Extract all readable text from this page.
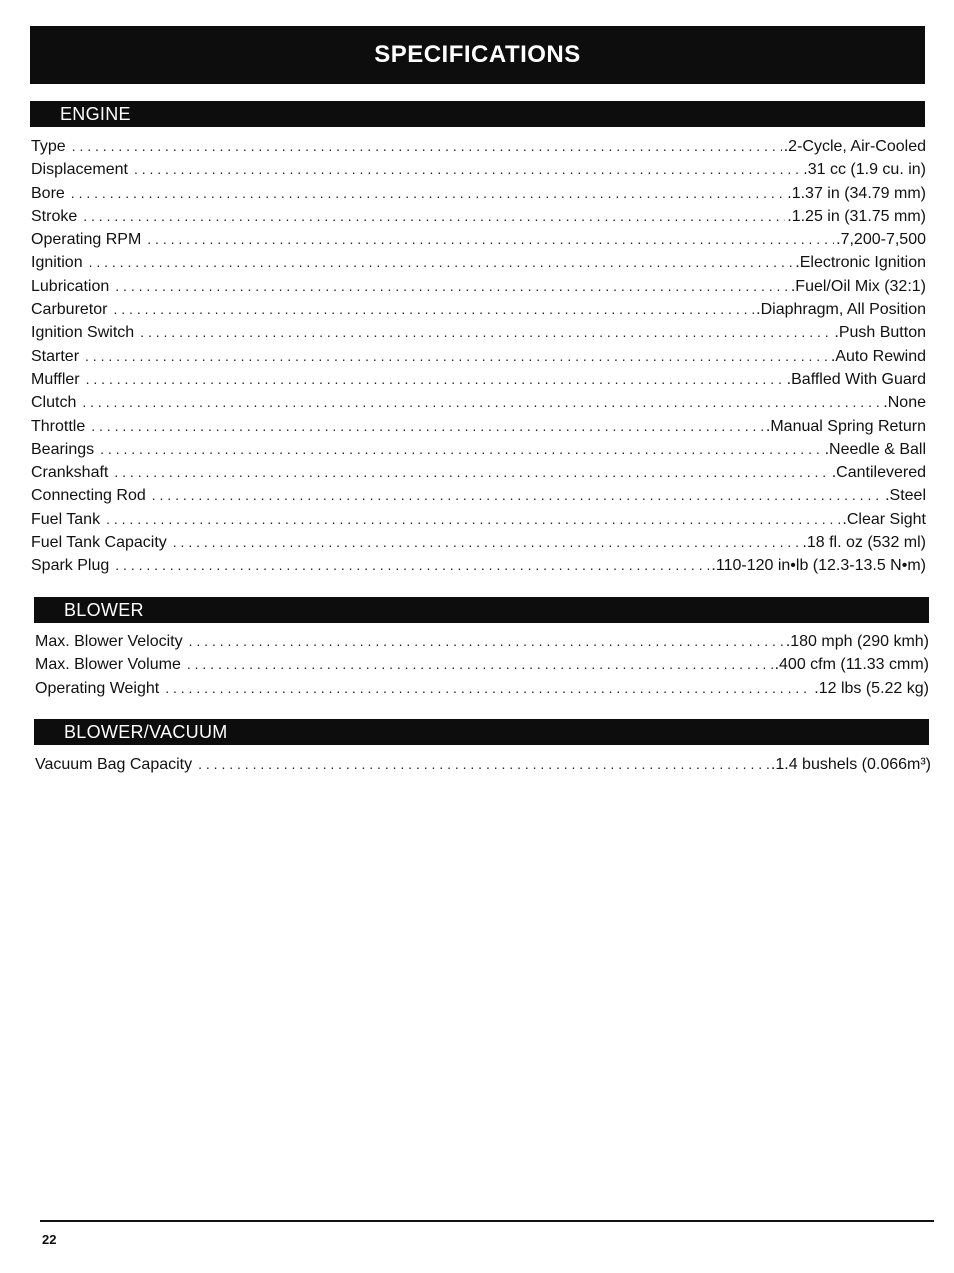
SPECIFICATIONS
ENGINE
Type . . .	.2-Cycle, Air-Cooled
Displacement . . .	.31 cc (1.9 cu. in)
Bore . . .	.1.37 in (34.79 mm)
Stroke . . .	.1.25 in (31.75 mm)
Operating RPM . . .	.7,200-7,500
Ignition . . .	.Electronic Ignition
Lubrication . . .	.Fuel/Oil Mix (32:1)
Carburetor . . .	.Diaphragm, All Position
Ignition Switch . . .	.Push Button
Starter . . .	.Auto Rewind
Muffler . . .	.Baffled With Guard
Clutch . . .	.None
Throttle . . .	.Manual Spring Return
Bearings . . .	.Needle & Ball
Crankshaft . . .	.Cantilevered
Connecting Rod . . .	.Steel
Fuel Tank . . .	.Clear Sight
Fuel Tank Capacity . . .	.18 fl. oz (532 ml)
Spark Plug . . .	.110-120 in•lb (12.3-13.5 N•m)
BLOWER
Max. Blower Velocity . . .	.180 mph (290 kmh)
Max. Blower Volume . . .	.400 cfm (11.33 cmm)
Operating Weight . . .	.12 lbs (5.22 kg)
BLOWER/VACUUM
Vacuum Bag Capacity . . .	.1.4 bushels (0.066m³)
22
